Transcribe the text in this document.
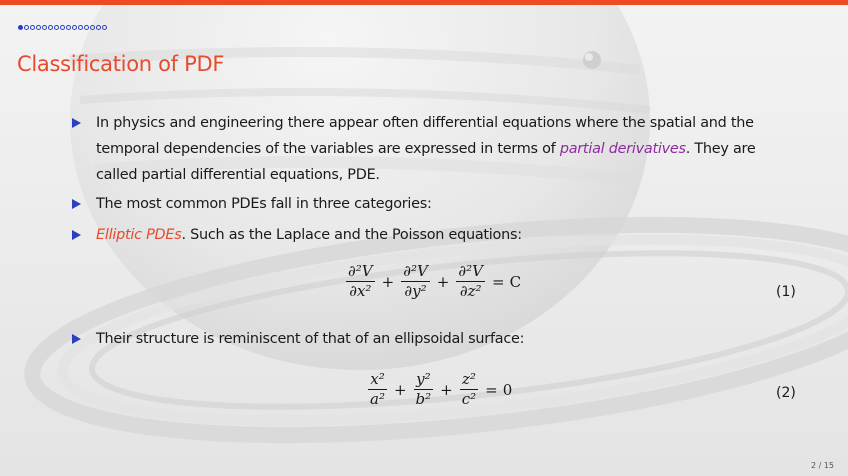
Classification of PDF
In physics and engineering there appear often differential equations where the spatial and the temporal dependencies of the variables are expressed in terms of partial derivatives. They are called partial differential equations, PDE.
The most common PDEs fall in three categories:
Elliptic PDEs. Such as the Laplace and the Poisson equations:
Their structure is reminiscent of that of an ellipsoidal surface:
$\frac{\text{∂²V}}{\text{∂x²}} + \frac{\text{∂²V}}{\text{∂y²}} + \frac{\text{∂²V}}{\text{∂z²}} = C$
(1)
$\frac{\text{x²}}{\text{a²}} + \frac{\text{y²}}{\text{b²}} + \frac{\text{z²}}{\text{c²}} = 0$	(2)
2 / 15
